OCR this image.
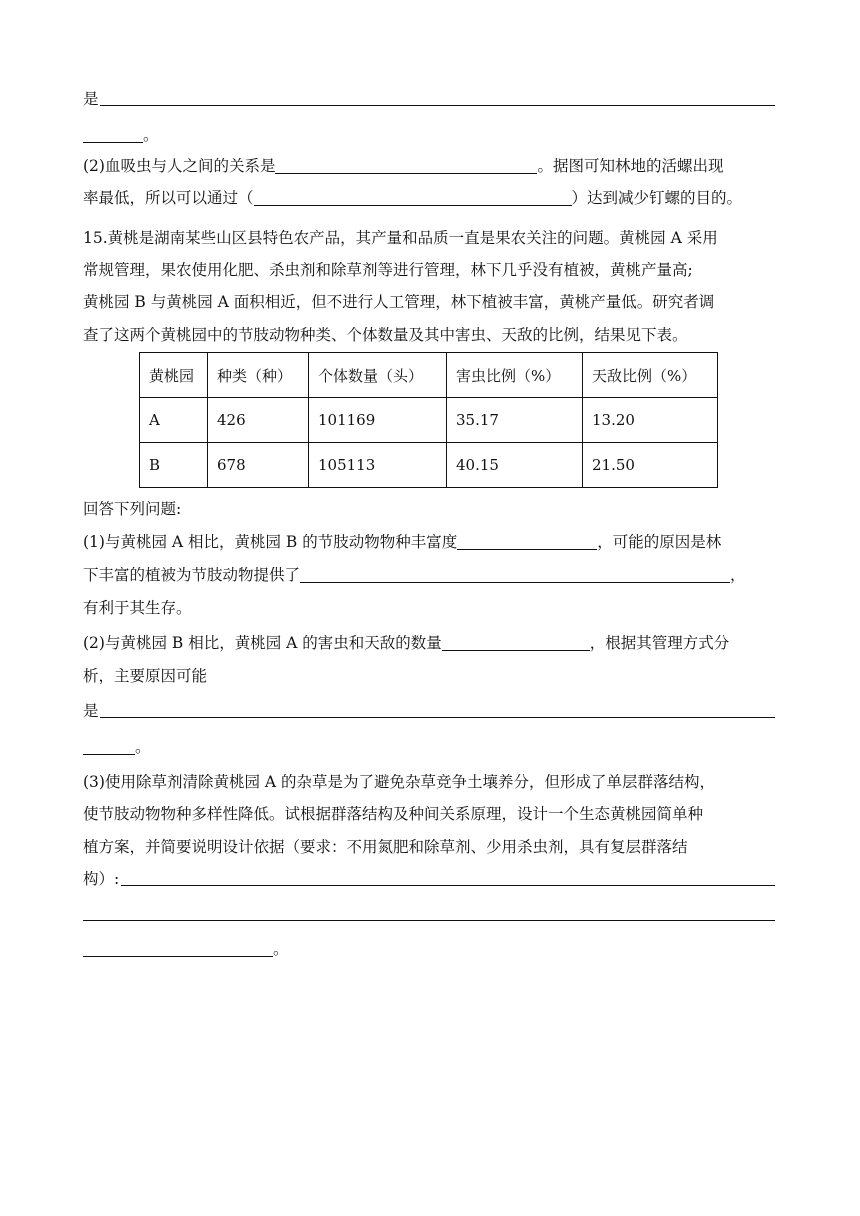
是
。
(2)血吸虫与人之间的关系是	。据图可知林地的活螺出现
率最低，所以可以通过（	）达到减少钉螺的目的。
15.黄桃是湖南某些山区县特色农产品，其产量和品质一直是果农关注的问题。黄桃园 A 采用
常规管理，果农使用化肥、杀虫剂和除草剂等进行管理，林下几乎没有植被，黄桃产量高;
黄桃园 B 与黄桃园 A 面积相近，但不进行人工管理，林下植被丰富，黄桃产量低。研究者调
查了这两个黄桃园中的节肢动物种类、个体数量及其中害虫、天敌的比例，结果见下表。
黄桃园	种类（种）	个体数量（头）	害虫比例（%）	天敌比例（%）
A	426	101169	35.17	13.20
B	678	105113	40.15	21.50
回答下列问题:
(1)与黄桃园 A 相比，黄桃园 B 的节肢动物物种丰富度	，可能的原因是林
下丰富的植被为节肢动物提供了	，
有利于其生存。
(2)与黄桃园 B 相比，黄桃园 A 的害虫和天敌的数量	，根据其管理方式分
析，主要原因可能
是
。
(3)使用除草剂清除黄桃园 A 的杂草是为了避免杂草竞争土壤养分，但形成了单层群落结构，
使节肢动物物种多样性降低。试根据群落结构及种间关系原理，设计一个生态黄桃园简单种
植方案，并简要说明设计依据（要求：不用氮肥和除草剂、少用杀虫剂，具有复层群落结
构）:
。
